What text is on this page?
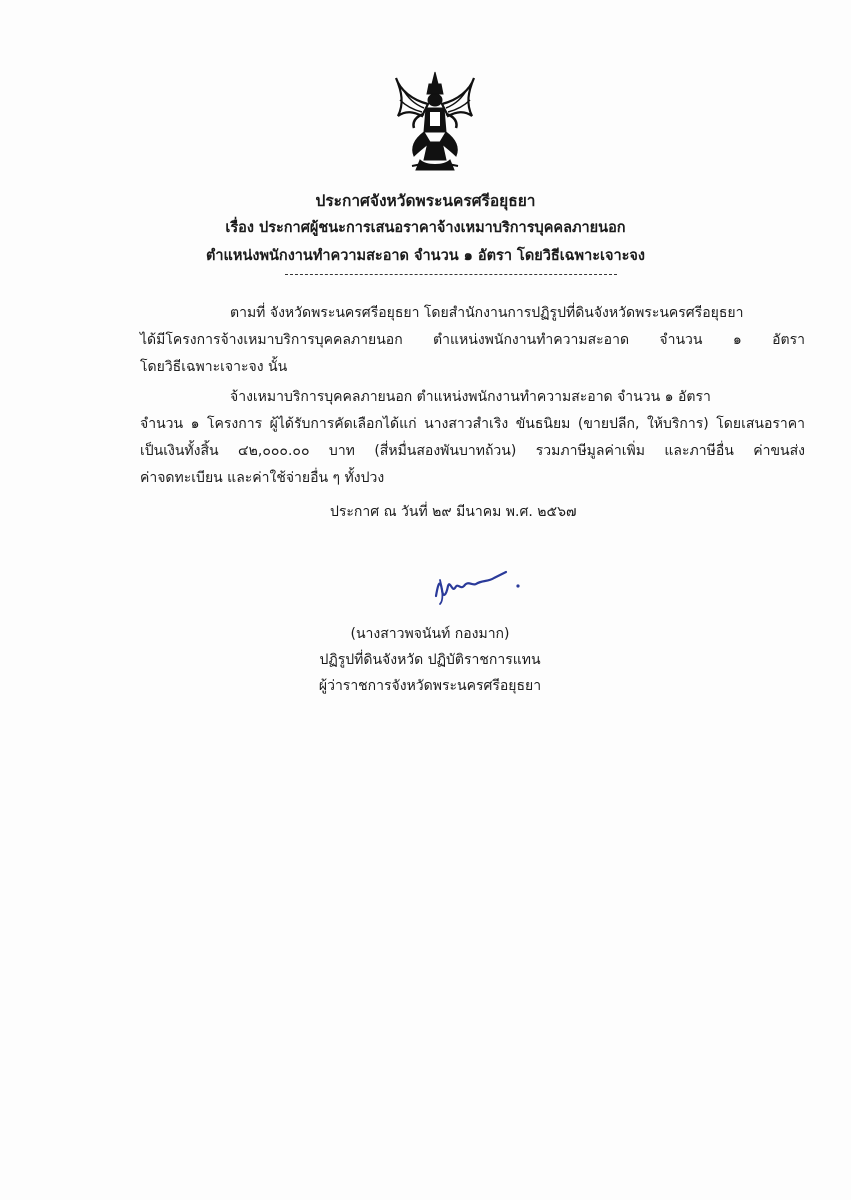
ประกาศจังหวัดพระนครศรีอยุธยา
เรื่อง ประกาศผู้ชนะการเสนอราคาจ้างเหมาบริการบุคคลภายนอก
ตำแหน่งพนักงานทำความสะอาด จำนวน ๑ อัตรา โดยวิธีเฉพาะเจาะจง
ตามที่ จังหวัดพระนครศรีอยุธยา โดยสำนักงานการปฏิรูปที่ดินจังหวัดพระนครศรีอยุธยา
ได้มีโครงการจ้างเหมาบริการบุคคลภายนอก ตำแหน่งพนักงานทำความสะอาด จำนวน ๑ อัตรา
โดยวิธีเฉพาะเจาะจง นั้น
จ้างเหมาบริการบุคคลภายนอก ตำแหน่งพนักงานทำความสะอาด จำนวน ๑ อัตรา
จำนวน ๑ โครงการ ผู้ได้รับการคัดเลือกได้แก่ นางสาวสำเริง ขันธนิยม (ขายปลีก, ให้บริการ) โดยเสนอราคา
เป็นเงินทั้งสิ้น ๔๒,๐๐๐.๐๐ บาท (สี่หมื่นสองพันบาทถ้วน) รวมภาษีมูลค่าเพิ่ม และภาษีอื่น ค่าขนส่ง
ค่าจดทะเบียน และค่าใช้จ่ายอื่น ๆ ทั้งปวง
ประกาศ ณ วันที่ ๒๙ มีนาคม พ.ศ. ๒๕๖๗
(นางสาวพจนันท์ กองมาก)
ปฏิรูปที่ดินจังหวัด ปฏิบัติราชการแทน
ผู้ว่าราชการจังหวัดพระนครศรีอยุธยา
